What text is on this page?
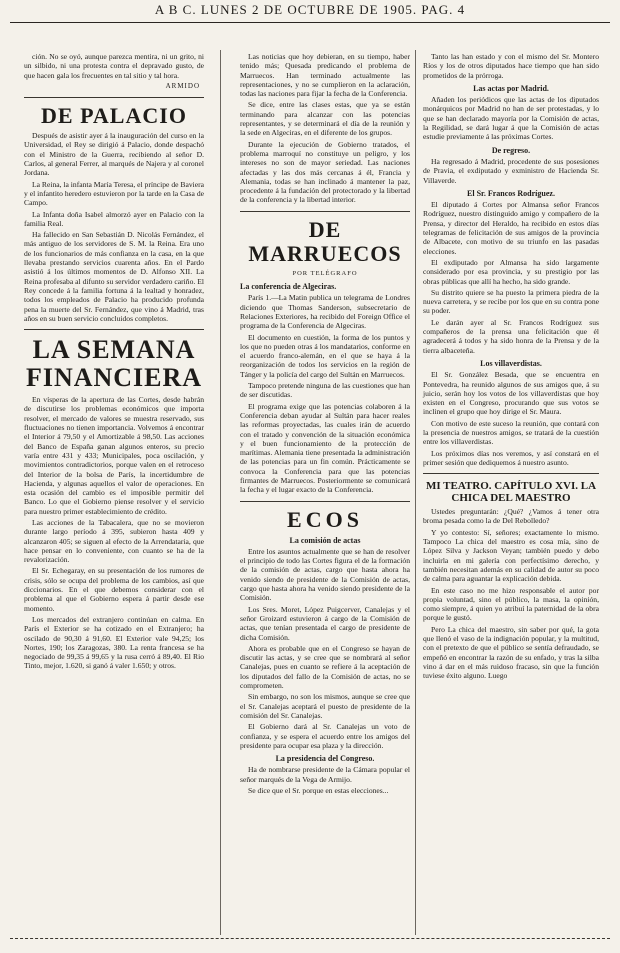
A B C. LUNES 2 DE OCTUBRE DE 1905. PAG. 4

ción. No se oyó, aunque parezca mentira, ni un grito, ni un silbido, ni una protesta contra el depravado gusto, de que hacen gala los frecuentes en tal sitio y tal hora.

ARMIDO
DE PALACIO

Después de asistir ayer á la inauguración del curso en la Universidad, el Rey se dirigió á Palacio, donde despachó con el Ministro de la Guerra, recibiendo al señor D. Carlos, al general Ferrer, al marqués de Najera y al coronel Jordana.

La Reina, la infanta María Teresa, el príncipe de Baviera y el infantito heredero estuvieron por la tarde en la Casa de Campo.

La Infanta doña Isabel almorzó ayer en Palacio con la familia Real.

Ha fallecido en San Sebastián D. Nicolás Fernández, el más antiguo de los servidores de S. M. la Reina. Era uno de los funcionarios de más confianza en la casa, en la que llevaba prestando servicios cuarenta años. En el Pardo asistió á los últimos momentos de D. Alfonso XII. La Reina profesaba al difunto su servidor verdadero cariño. El Rey concede á la familia fortuna á la lealtad y honradez, todos los empleados de Palacio ha producido profunda pena la muerte del Sr. Fernández, que vino á Madrid, tras años en su buen servicio concluidos completos.

LA SEMANA FINANCIERA

En vísperas de la apertura de las Cortes, desde habrán de discutirse los problemas económicos que importa resolver, el mercado de valores se muestra reservado, sus fluctuaciones no tienen importancia. Volvemos á encontrar el Interior á 79,50 y el Amortizable á 98,50. Las acciones del Banco de España ganan algunos enteros, su precio varía entre 431 y 433; Municipales, poca oscilación, y movimientos contradictorios, porque valen en el retroceso del Interior de la bolsa de París, la incertidumbre de Hacienda, y algunas aquellos el valor de operaciones. En esta ocasión del cambio es el imposible permitir del Banco. Lo que el Gobierno piense resolver y el servicio para nuestro primer establecimiento de crédito.

Las acciones de la Tabacalera, que no se movieron durante largo período á 395, subieron hasta 409 y alcanzaron 405; se siguen al efecto de la Arrendataria, que hace pensar en lo conveniente, con cuanto se ha de la revalorización.

El Sr. Echegaray, en su presentación de los rumores de crisis, sólo se ocupa del problema de los cambios, así que diccionarios. En el que debemos considerar con el problema al que el Gobierno espera á partir desde ese momento.

Los mercados del extranjero continúan en calma. En París el Exterior se ha cotizado en el Extranjero; ha oscilado de 90,30 á 91,60. El Exterior vale 94,25; los Nortes, 190; los Zaragozas, 380. La renta francesa se ha negociado de 99,35 á 99,65 y la rusa cerró á 89,40. El Rio Tinto, mejor, 1.620, si ganó á valer 1.650; y otros.

Las noticias que hoy debieran, en su tiempo, haber tenido más; Quesada predicando el problema de Marruecos. Han terminado actualmente las representaciones, y no se cumplieron en la aclaración, todas las naciones para fijar la fecha de la Conferencia.

Se dice, entre las clases estas, que ya se están terminando para alcanzar con las potencias representantes, y se determinará el día de la reunión y la sede en Algeciras, en el diferente de los grupos.

Durante la ejecución de Gobierno tratados, el problema marroquí no constituye un peligro, y los intereses no son de mayor seriedad. Las naciones afectadas y las dos más cercanas á él, Francia y Alemania, todas se han inclinado á mantener la paz, procedente á la fundación del protectorado y la libertad de la conferencia y la libertad interior.

DE MARRUECOS
POR TELÉGRAFO
La conferencia de Algeciras.

París 1.—La Matin publica un telegrama de Londres diciendo que Thomas Sanderson, subsecretario de Relaciones Exteriores, ha recibido del Foreign Office el programa de la Conferencia de Algeciras.

El documento en cuestión, la forma de los puntos y los que no pueden otras á los mandatarios, conforme en el acuerdo franco-alemán, en el que se haya á la reorganización de todos los servicios en la región de Tánger y la policía del cargo del Sultán en Marruecos.

Tampoco pretende ninguna de las cuestiones que han de ser discutidas.

El programa exige que las potencias colaboren á la Conferencia deban ayudar al Sultán para hacer reales las reformas proyectadas, las cuales irán de acuerdo con el tratado y convención de la situación económica y el buen funcionamiento de la protección de marítimas. Alemania tiene presentada la administración de las potencias para un fin común. Prácticamente se convoca la Conferencia para que las potencias firmantes de Marruecos. Posteriormente se comunicará la fecha y el lugar exacto de la Conferencia.

ECOS
La comisión de actas

Entre los asuntos actualmente que se han de resolver el principio de todo las Cortes figura el de la formación de la comisión de actas, cargo que hasta ahora ha venido siendo de presidente de la Comisión de actas, cargo que hasta ahora ha venido siendo presidente de la Comisión.

Los Sres. Moret, López Puigcerver, Canalejas y el señor Groizard estuvieron á cargo de la Comisión de actas, que tenían presentada el cargo de presidente de dicha Comisión.

Ahora es probable que en el Congreso se hayan de discutir las actas, y se cree que se nombrará al señor Canalejas, pues en cuanto se refiere á la aceptación de los diputados del fallo de la Comisión de actas, no se comprometen.

Sin embargo, no son los mismos, aunque se cree que el Sr. Canalejas aceptará el puesto de presidente de la comisión del Sr. Canalejas.

El Gobierno dará al Sr. Canalejas un voto de confianza, y se espera el acuerdo entre los amigos del presidente para ocupar esa plaza y la dirección.

La presidencia del Congreso.

Ha de nombrarse presidente de la Cámara popular el señor marqués de la Vega de Armijo.

Se dice que el Sr. porque en estas elecciones...

Tanto las han estado y con el mismo del Sr. Montero Ríos y los de otros diputados hace tiempo que han sido prometidos de la prórroga.

Las actas por Madrid.

Añaden los periódicos que las actas de los diputados monárquicos por Madrid no han de ser protestadas, y lo que se han declarado mayoría por la Comisión de actas, la Regilidad, se dará lugar á que la Comisión de actas estudie previamente á las próximas Cortes.

De regreso.

Ha regresado á Madrid, procedente de sus posesiones de Pravia, el exdiputado y exministro de Hacienda Sr. Villaverde.

El Sr. Francos Rodríguez.

El diputado á Cortes por Almansa señor Francos Rodríguez, nuestro distinguido amigo y compañero de la Prensa, y director del Heraldo, ha recibido en estos días telegramas de felicitación de sus amigos de la provincia de Albacete, con motivo de su triunfo en las pasadas elecciones.

El exdiputado por Almansa ha sido largamente considerado por esa provincia, y su prestigio por las obras públicas que allí ha hecho, ha sido grande.

Su distrito quiere se ha puesto la primera piedra de la nueva carretera, y se recibe por los que en su contra pone su poder.

Le darán ayer al Sr. Francos Rodríguez sus compañeros de la prensa una felicitación que él agradecerá á todos y ha sido honra de la Prensa y de la tierra albaceteña.

Los villaverdistas.

El Sr. González Besada, que se encuentra en Pontevedra, ha reunido algunos de sus amigos que, á su juicio, serán hoy los votos de los villaverdistas que hoy existen en el Congreso, procurando que sus votos se inclinen el grupo que hoy dirige el Sr. Maura.

Con motivo de este suceso la reunión, que contará con la presencia de nuestros amigos, se tratará de la cuestión entre los villaverdistas.

Los próximos días nos veremos, y así constará en el primer sesión que dediquemos á nuestro asunto.

MI TEATRO. CAPÍTULO XVI. LA CHICA DEL MAESTRO

Ustedes preguntarán: ¿Qué? ¿Vamos á tener otra broma pesada como la de Del Rebolledo?

Y yo contesto: Sí, señores; exactamente lo mismo. Tampoco La chica del maestro es cosa mía, sino de López Silva y Jackson Veyan; también puedo y debo incluirla en mi galería con perfectísimo derecho, y también necesitan además en su calidad de autor su poco de calma para aguantar la explicación debida.

En este caso no me hizo responsable el autor por propia voluntad, sino el público, la masa, la opinión, como siempre, á quien yo atribuí la paternidad de la obra porque le gustó.

Pero La chica del maestro, sin saber por qué, la gota que llenó el vaso de la indignación popular, y la multitud, con el pretexto de que el público se sentía defraudado, se empeñó en encontrar la razón de su enfado, y tras la silba vino á dar en el más ruidoso fracaso, sin que la función tuviese éxito alguno. Luego
